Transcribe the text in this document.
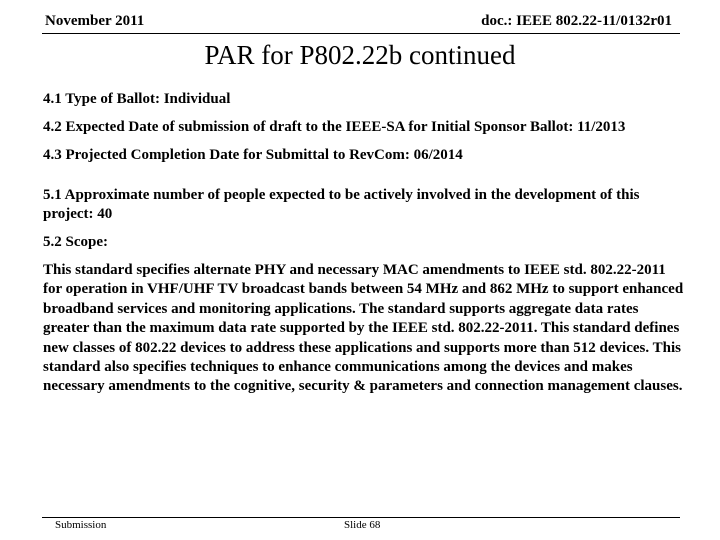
November 2011	doc.: IEEE 802.22-11/0132r01
PAR for P802.22b continued

4.1 Type of Ballot: Individual

4.2 Expected Date of submission of draft to the IEEE-SA for Initial Sponsor Ballot: 11/2013

4.3 Projected Completion Date for Submittal to RevCom: 06/2014

5.1 Approximate number of people expected to be actively involved in the development of this project: 40

5.2 Scope:

This standard specifies alternate PHY and necessary MAC amendments to IEEE std. 802.22-2011 for operation in VHF/UHF TV broadcast bands between 54 MHz and 862 MHz to support enhanced broadband services and monitoring applications. The standard supports aggregate data rates greater than the maximum data rate supported by the IEEE std. 802.22-2011. This standard defines new classes of 802.22 devices to address these applications and supports more than 512 devices. This standard also specifies techniques to enhance communications among the devices and makes necessary amendments to the cognitive, security & parameters and connection management clauses.

Submission	Slide 68
